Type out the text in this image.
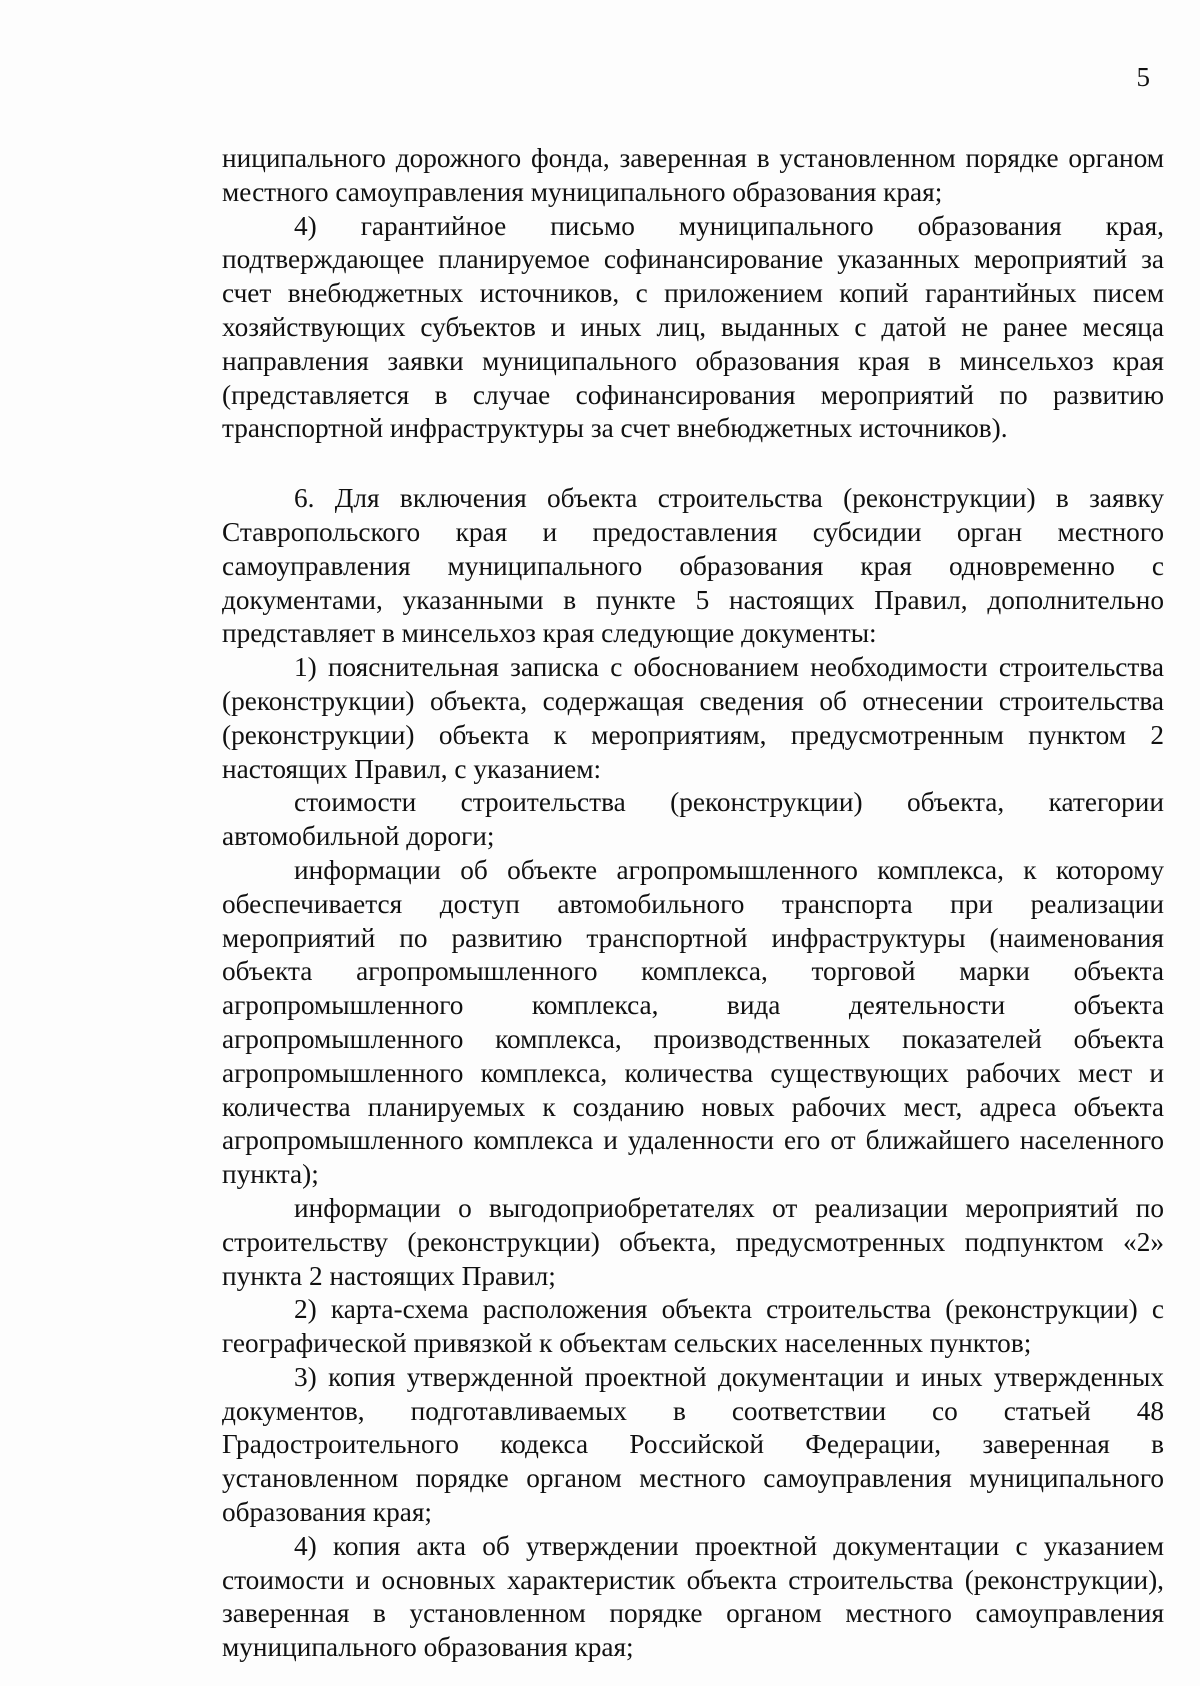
5

ниципального дорожного фонда, заверенная в установленном порядке органом местного самоуправления муниципального образования края;

4) гарантийное письмо муниципального образования края, подтверждающее планируемое софинансирование указанных мероприятий за счет внебюджетных источников, с приложением копий гарантийных писем хозяйствующих субъектов и иных лиц, выданных с датой не ранее месяца направления заявки муниципального образования края в минсельхоз края (представляется в случае софинансирования мероприятий по развитию транспортной инфраструктуры за счет внебюджетных источников).

6. Для включения объекта строительства (реконструкции) в заявку Ставропольского края и предоставления субсидии орган местного самоуправления муниципального образования края одновременно с документами, указанными в пункте 5 настоящих Правил, дополнительно представляет в минсельхоз края следующие документы:

1) пояснительная записка с обоснованием необходимости строительства (реконструкции) объекта, содержащая сведения об отнесении строительства (реконструкции) объекта к мероприятиям, предусмотренным пунктом 2 настоящих Правил, с указанием:

стоимости строительства (реконструкции) объекта, категории автомобильной дороги;

информации об объекте агропромышленного комплекса, к которому обеспечивается доступ автомобильного транспорта при реализации мероприятий по развитию транспортной инфраструктуры (наименования объекта агропромышленного комплекса, торговой марки объекта агропромышленного комплекса, вида деятельности объекта агропромышленного комплекса, производственных показателей объекта агропромышленного комплекса, количества существующих рабочих мест и количества планируемых к созданию новых рабочих мест, адреса объекта агропромышленного комплекса и удаленности его от ближайшего населенного пункта);

информации о выгодоприобретателях от реализации мероприятий по строительству (реконструкции) объекта, предусмотренных подпунктом «2» пункта 2 настоящих Правил;

2) карта-схема расположения объекта строительства (реконструкции) с географической привязкой к объектам сельских населенных пунктов;

3) копия утвержденной проектной документации и иных утвержденных документов, подготавливаемых в соответствии со статьей 48 Градостроительного кодекса Российской Федерации, заверенная в установленном порядке органом местного самоуправления муниципального образования края;

4) копия акта об утверждении проектной документации с указанием стоимости и основных характеристик объекта строительства (реконструкции), заверенная в установленном порядке органом местного самоуправления муниципального образования края;
